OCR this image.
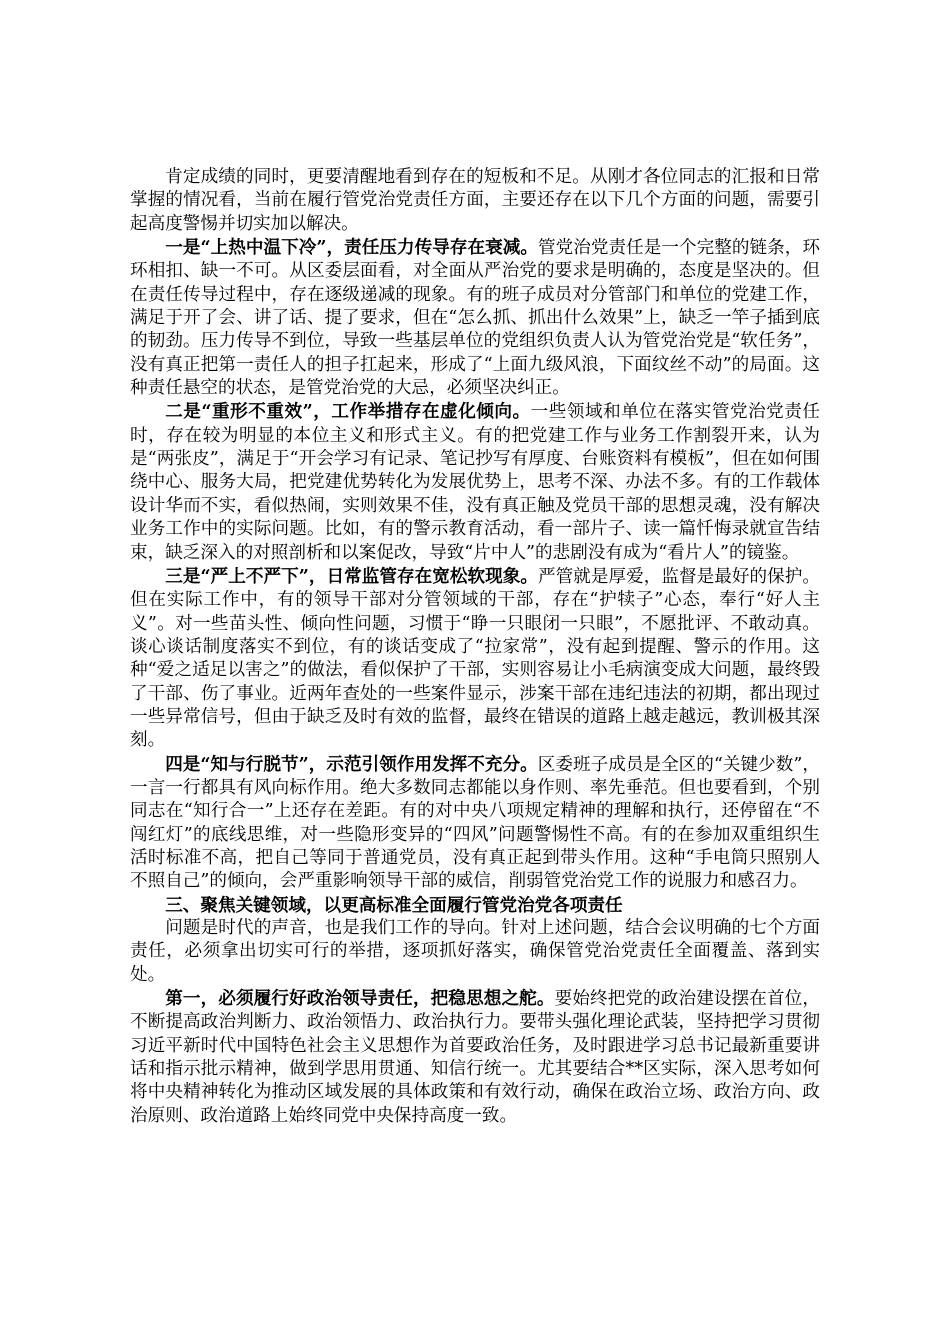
肯定成绩的同时，更要清醒地看到存在的短板和不足。从刚才各位同志的汇报和日常掌握的情况看，当前在履行管党治党责任方面，主要还存在以下几个方面的问题，需要引起高度警惕并切实加以解决。

一是“上热中温下冷”，责任压力传导存在衰减。管党治党责任是一个完整的链条，环环相扣、缺一不可。从区委层面看，对全面从严治党的要求是明确的，态度是坚决的。但在责任传导过程中，存在逐级递减的现象。有的班子成员对分管部门和单位的党建工作，满足于开了会、讲了话、提了要求，但在“怎么抓、抓出什么效果”上，缺乏一竿子插到底的韧劲。压力传导不到位，导致一些基层单位的党组织负责人认为管党治党是“软任务”，没有真正把第一责任人的担子扛起来，形成了“上面九级风浪，下面纹丝不动”的局面。这种责任悬空的状态，是管党治党的大忌，必须坚决纠正。

二是“重形不重效”，工作举措存在虚化倾向。一些领域和单位在落实管党治党责任时，存在较为明显的本位主义和形式主义。有的把党建工作与业务工作割裂开来，认为是“两张皮”，满足于“开会学习有记录、笔记抄写有厚度、台账资料有模板”，但在如何围绕中心、服务大局，把党建优势转化为发展优势上，思考不深、办法不多。有的工作载体设计华而不实，看似热闹，实则效果不佳，没有真正触及党员干部的思想灵魂，没有解决业务工作中的实际问题。比如，有的警示教育活动，看一部片子、读一篇忏悔录就宣告结束，缺乏深入的对照剖析和以案促改，导致“片中人”的悲剧没有成为“看片人”的镜鉴。

三是“严上不严下”，日常监管存在宽松软现象。严管就是厚爱，监督是最好的保护。但在实际工作中，有的领导干部对分管领域的干部，存在“护犊子”心态，奉行“好人主义”。对一些苗头性、倾向性问题，习惯于“睁一只眼闭一只眼”，不愿批评、不敢动真。谈心谈话制度落实不到位，有的谈话变成了“拉家常”，没有起到提醒、警示的作用。这种“爱之适足以害之”的做法，看似保护了干部，实则容易让小毛病演变成大问题，最终毁了干部、伤了事业。近两年查处的一些案件显示，涉案干部在违纪违法的初期，都出现过一些异常信号，但由于缺乏及时有效的监督，最终在错误的道路上越走越远，教训极其深刻。

四是“知与行脱节”，示范引领作用发挥不充分。区委班子成员是全区的“关键少数”，一言一行都具有风向标作用。绝大多数同志都能以身作则、率先垂范。但也要看到，个别同志在“知行合一”上还存在差距。有的对中央八项规定精神的理解和执行，还停留在“不闯红灯”的底线思维，对一些隐形变异的“四风”问题警惕性不高。有的在参加双重组织生活时标准不高，把自己等同于普通党员，没有真正起到带头作用。这种“手电筒只照别人不照自己”的倾向，会严重影响领导干部的威信，削弱管党治党工作的说服力和感召力。

三、聚焦关键领域，以更高标准全面履行管党治党各项责任

问题是时代的声音，也是我们工作的导向。针对上述问题，结合会议明确的七个方面责任，必须拿出切实可行的举措，逐项抓好落实，确保管党治党责任全面覆盖、落到实处。

第一，必须履行好政治领导责任，把稳思想之舵。要始终把党的政治建设摆在首位，不断提高政治判断力、政治领悟力、政治执行力。要带头强化理论武装，坚持把学习贯彻习近平新时代中国特色社会主义思想作为首要政治任务，及时跟进学习总书记最新重要讲话和指示批示精神，做到学思用贯通、知信行统一。尤其要结合**区实际，深入思考如何将中央精神转化为推动区域发展的具体政策和有效行动，确保在政治立场、政治方向、政治原则、政治道路上始终同党中央保持高度一致。
